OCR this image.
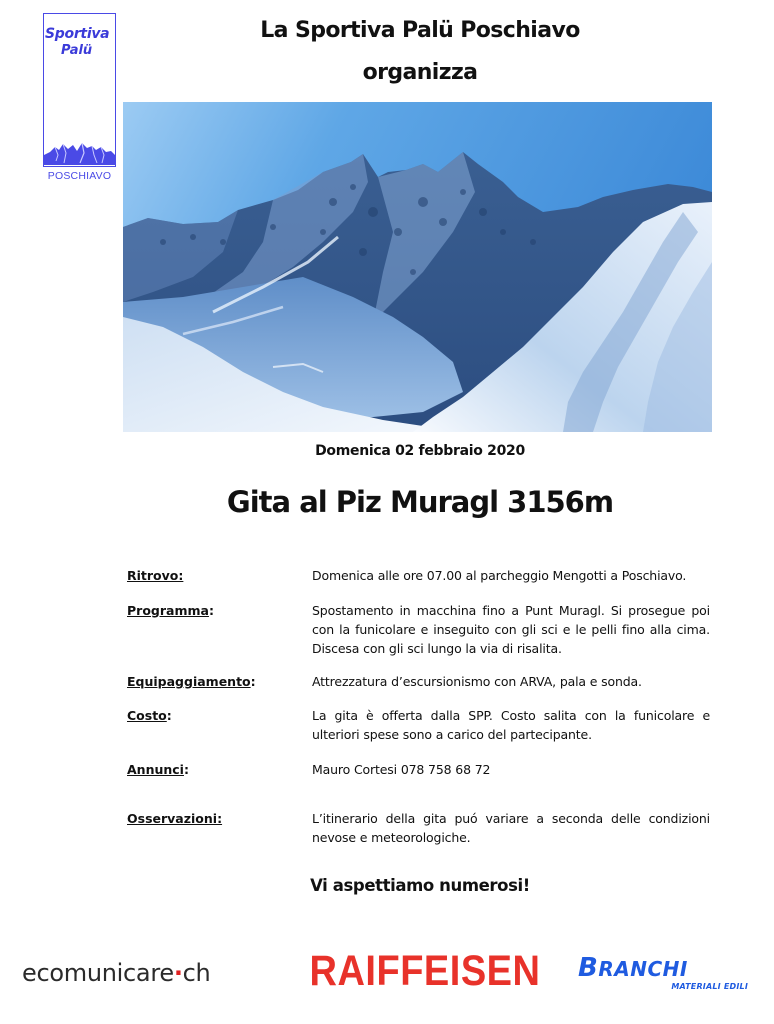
Sportiva
Palü
POSCHIAVO
La Sportiva Palü Poschiavo
organizza
Domenica 02 febbraio 2020
Gita al Piz Muragl 3156m
Ritrovo:	Domenica alle ore 07.00 al parcheggio Mengotti a Poschiavo.
Programma:	Spostamento in macchina fino a Punt Muragl. Si prosegue poi con la funicolare e inseguito con gli sci e le pelli fino alla cima. Discesa con gli sci lungo la via di risalita.
Equipaggiamento:	Attrezzatura d’escursionismo con ARVA, pala e sonda.
Costo:	La gita è offerta dalla SPP. Costo salita con la funicolare e ulteriori spese sono a carico del partecipante.
Annunci:	Mauro Cortesi 078 758 68 72
Osservazioni:	L’itinerario della gita puó variare a seconda delle condizioni nevose e meteorologiche.
Vi aspettiamo numerosi!
ecomunicare·ch	RAIFFEISEN BRANCHI
MATERIALI EDILI
